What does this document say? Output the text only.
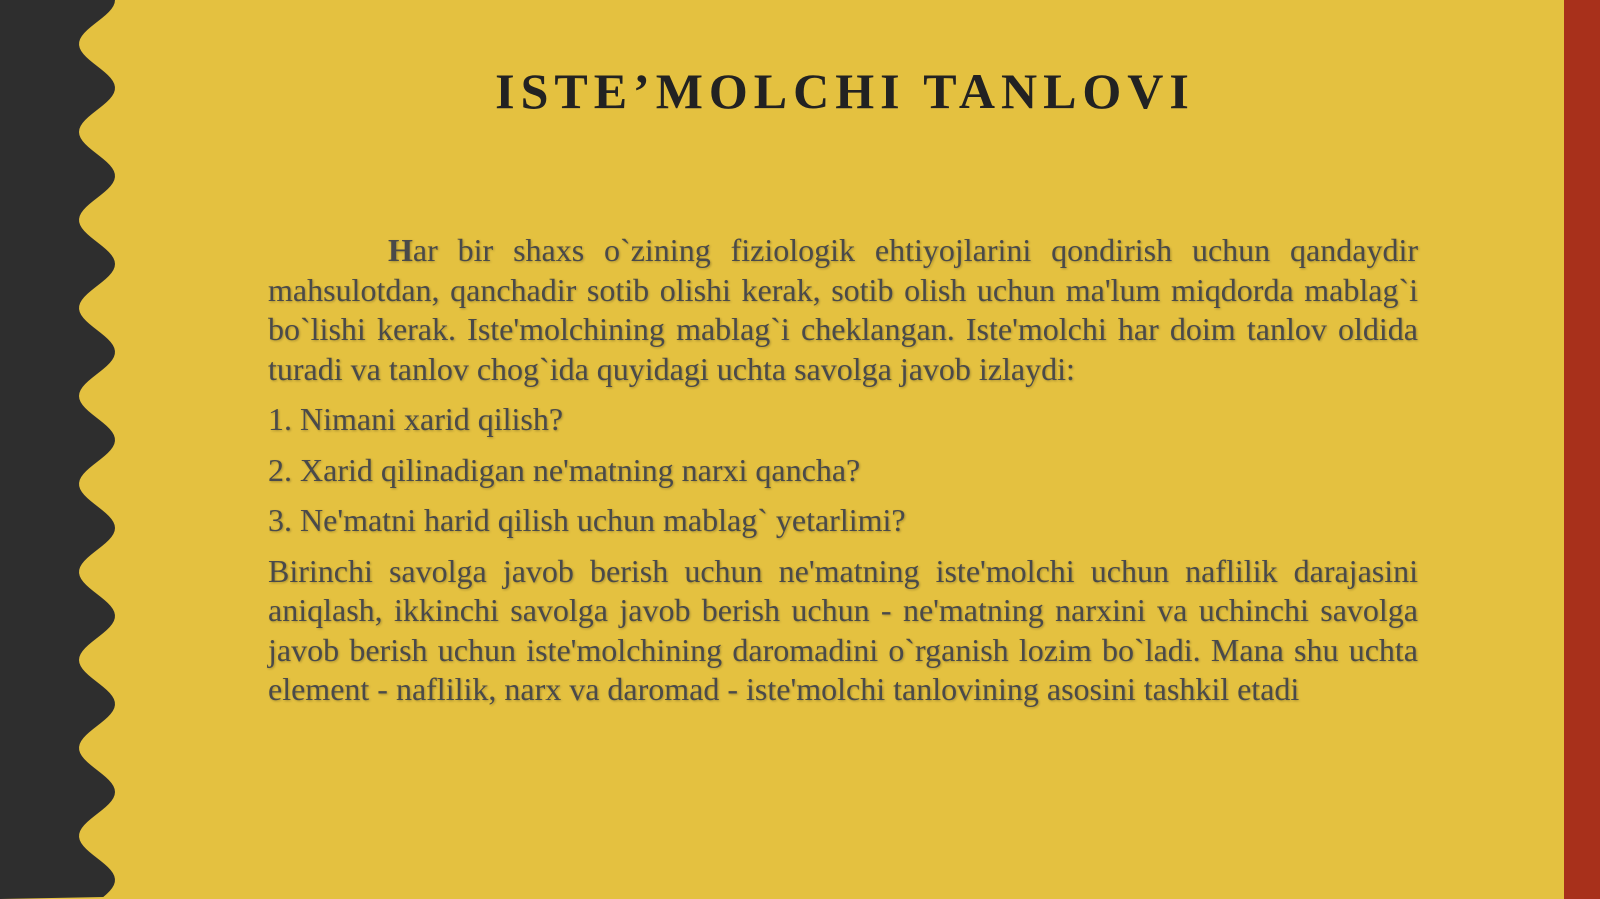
ISTE’MOLCHI TANLOVI

Har bir shaxs o`zining fiziologik ehtiyojlarini qondirish uchun qandaydir mahsulotdan, qanchadir sotib olishi kerak, sotib olish uchun ma'lum miqdorda mablag`i bo`lishi kerak. Iste'molchining mablag`i cheklangan. Iste'molchi har doim tanlov oldida turadi va tanlov chog`ida quyidagi uchta savolga javob izlaydi:

1. Nimani xarid qilish?

2. Xarid qilinadigan ne'matning narxi qancha?

3. Ne'matni harid qilish uchun mablag` yetarlimi?

Birinchi savolga javob berish uchun ne'matning iste'molchi uchun naflilik darajasini aniqlash, ikkinchi savolga javob berish uchun - ne'matning narxini va uchinchi savolga javob berish uchun iste'molchining daromadini o`rganish lozim bo`ladi. Mana shu uchta element - naflilik, narx va daromad - iste'molchi tanlovining asosini tashkil etadi
